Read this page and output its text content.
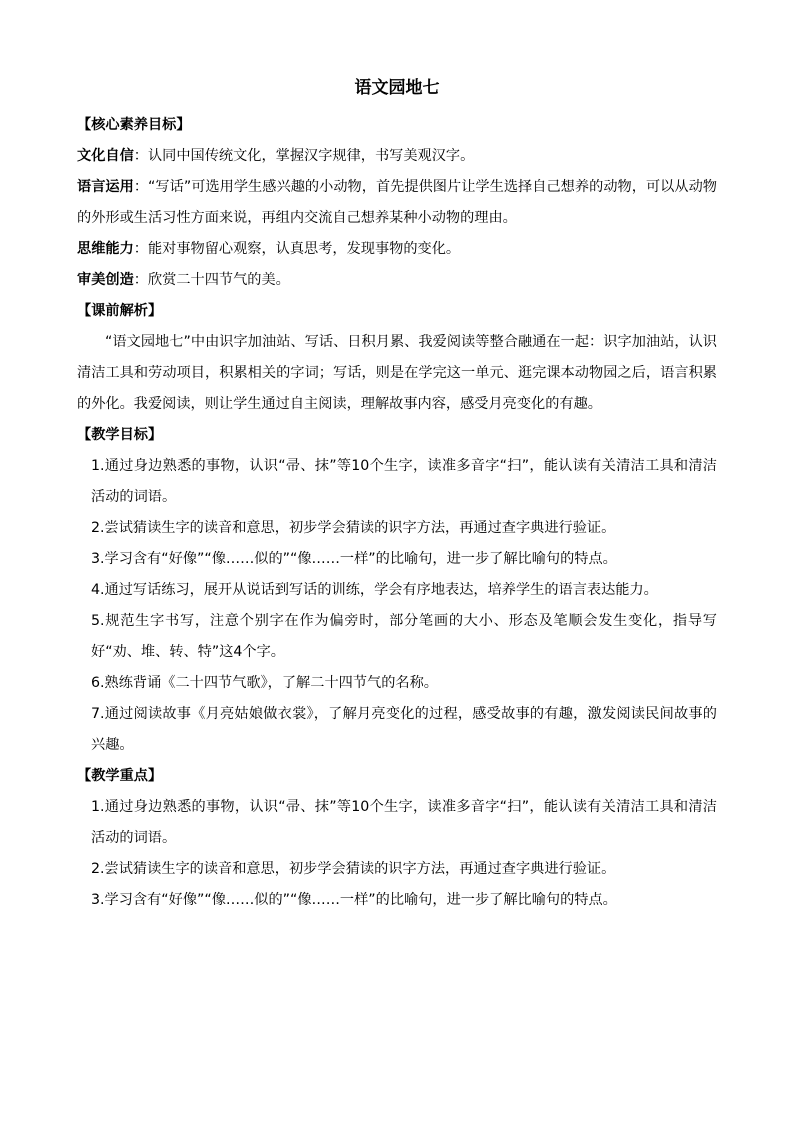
语文园地七
【核心素养目标】

文化自信：认同中国传统文化，掌握汉字规律，书写美观汉字。

语言运用：“写话”可选用学生感兴趣的小动物，首先提供图片让学生选择自己想养的动物，可以从动物的外形或生活习性方面来说，再组内交流自己想养某种小动物的理由。

思维能力：能对事物留心观察，认真思考，发现事物的变化。

审美创造：欣赏二十四节气的美。

【课前解析】

“语文园地七”中由识字加油站、写话、日积月累、我爱阅读等整合融通在一起：识字加油站，认识清洁工具和劳动项目，积累相关的字词；写话，则是在学完这一单元、逛完课本动物园之后，语言积累的外化。我爱阅读，则让学生通过自主阅读，理解故事内容，感受月亮变化的有趣。

【教学目标】

1.通过身边熟悉的事物，认识“帚、抹”等10个生字，读准多音字“扫”，能认读有关清洁工具和清洁活动的词语。

2.尝试猜读生字的读音和意思，初步学会猜读的识字方法，再通过查字典进行验证。

3.学习含有“好像”“像……似的”“像……一样”的比喻句，进一步了解比喻句的特点。

4.通过写话练习，展开从说话到写话的训练，学会有序地表达，培养学生的语言表达能力。

5.规范生字书写，注意个别字在作为偏旁时，部分笔画的大小、形态及笔顺会发生变化，指导写好“劝、堆、转、特”这4个字。

6.熟练背诵《二十四节气歌》，了解二十四节气的名称。

7.通过阅读故事《月亮姑娘做衣裳》，了解月亮变化的过程，感受故事的有趣，激发阅读民间故事的兴趣。

【教学重点】

1.通过身边熟悉的事物，认识“帚、抹”等10个生字，读准多音字“扫”，能认读有关清洁工具和清洁活动的词语。

2.尝试猜读生字的读音和意思，初步学会猜读的识字方法，再通过查字典进行验证。

3.学习含有“好像”“像……似的”“像……一样”的比喻句，进一步了解比喻句的特点。
